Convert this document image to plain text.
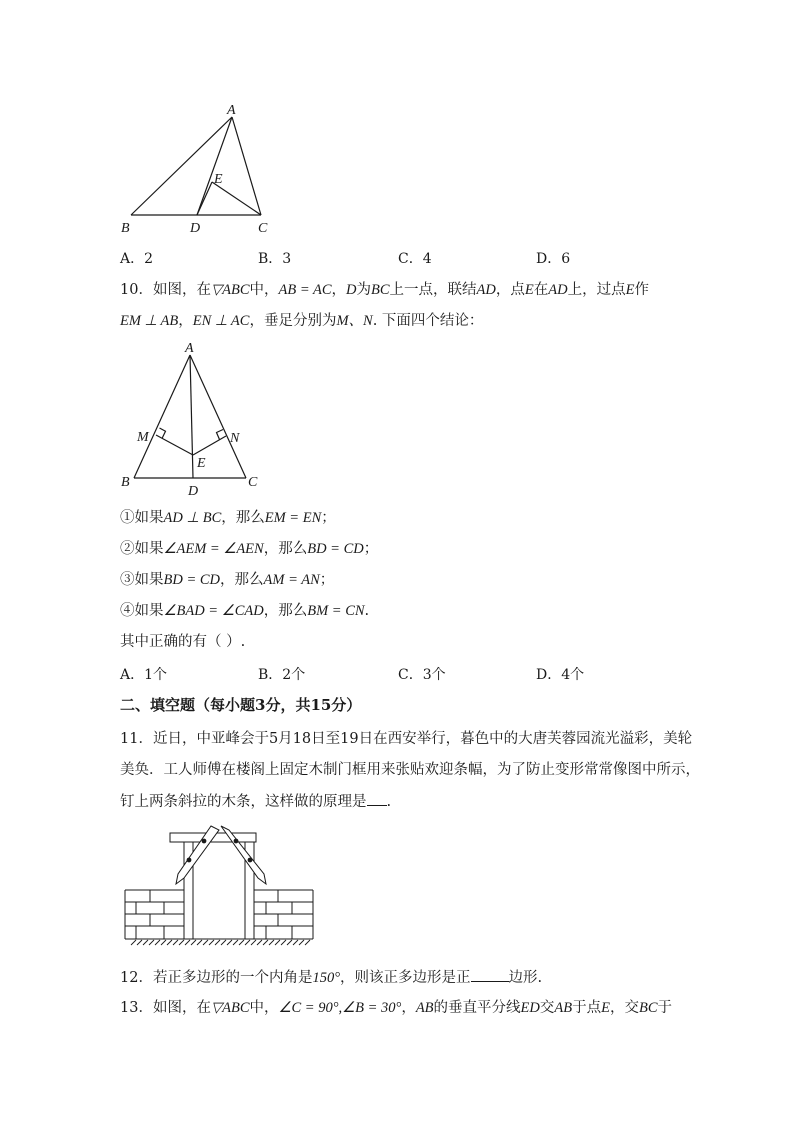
A
E
B	D	C
A．2	B．3	C．4	D．6
10．如图，在▽ABC中，AB = AC，D为BC上一点，联结AD，点E在AD上，过点E作
EM ⊥ AB，EN ⊥ AC，垂足分别为M、N. 下面四个结论：
A
M	N
E
B
D
C
①如果AD ⊥ BC，那么EM = EN；
②如果∠AEM = ∠AEN，那么BD = CD；
③如果BD = CD，那么AM = AN；
④如果∠BAD = ∠CAD，那么BM = CN.
其中正确的有（ ）.
A．1个	B．2个	C．3个	D．4个
二、填空题（每小题3分，共15分）
11．近日，中亚峰会于5月18日至19日在西安举行，暮色中的大唐芙蓉园流光溢彩，美轮
美奂．工人师傅在楼阁上固定木制门框用来张贴欢迎条幅，为了防止变形常常像图中所示，
钉上两条斜拉的木条，这样做的原理是 .
12．若正多边形的一个内角是150°，则该正多边形是正	边形.
13．如图，在▽ABC中，∠C = 90°,∠B = 30°，AB的垂直平分线ED交AB于点E，交BC于
